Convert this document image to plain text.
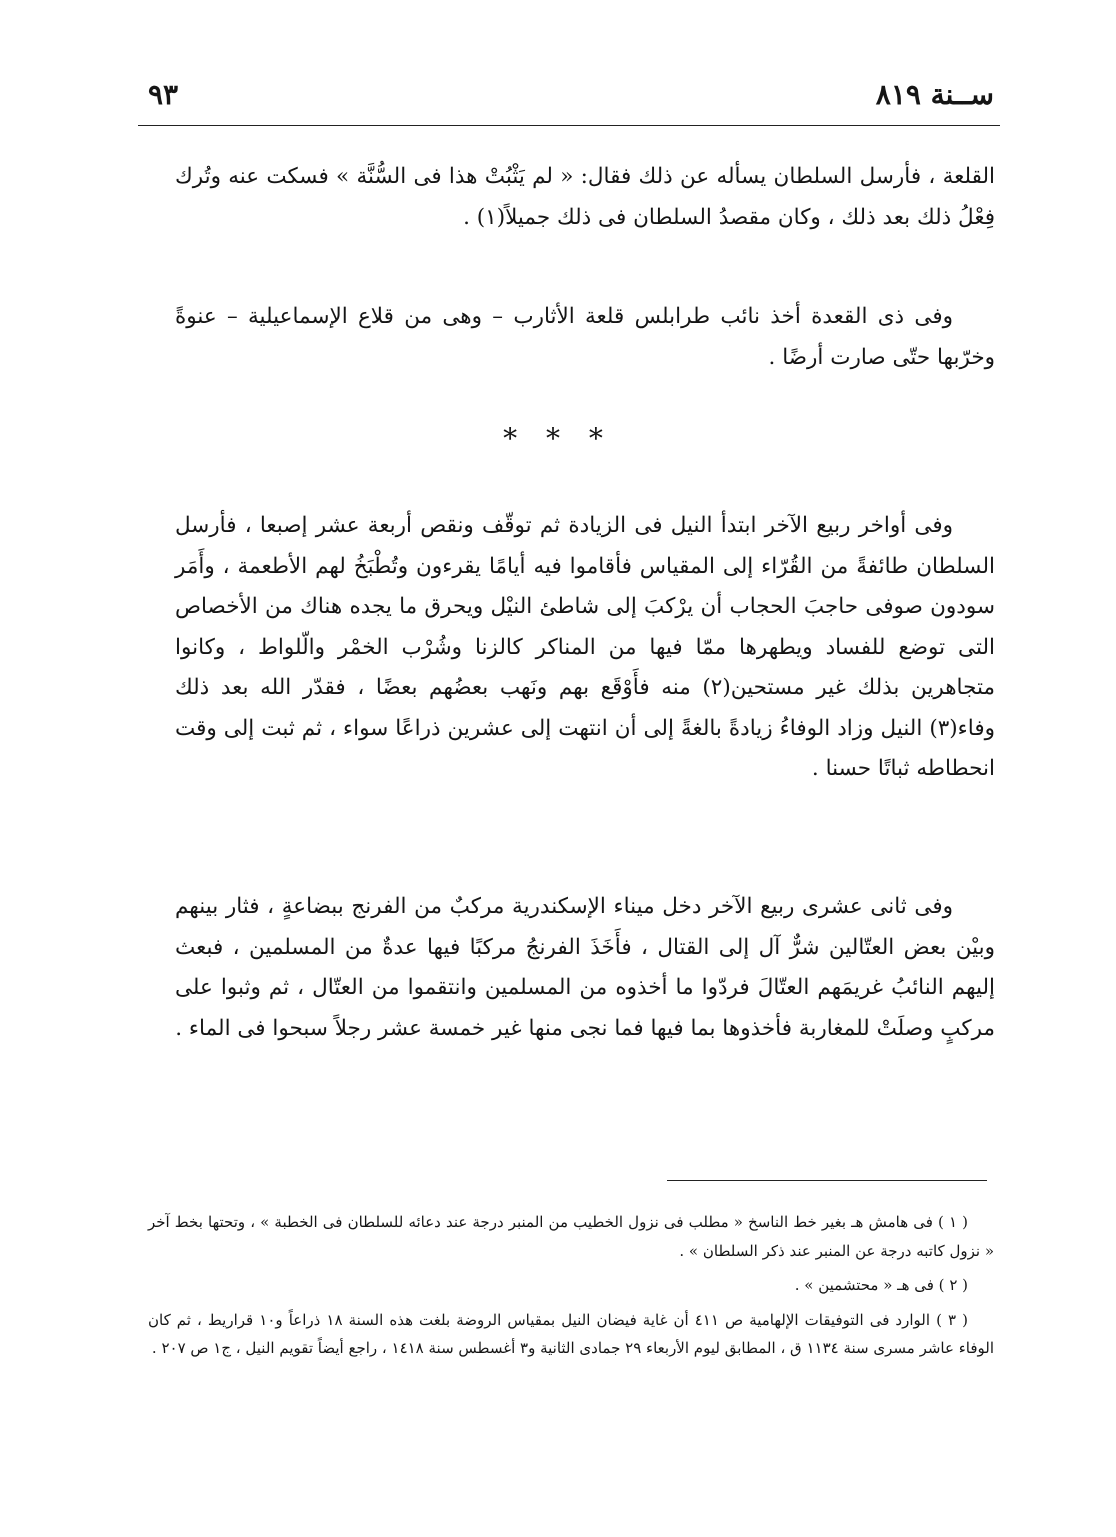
٩٣	ســنة ٨١٩
القلعة ، فأرسل السلطان يسأله عن ذلك فقال: « لم يَثْبُتْ هذا فى السُّنَّة » فسكت عنه وتُرك فِعْلُ ذلك بعد ذلك ، وكان مقصدُ السلطان فى ذلك جميلاً(١) .
وفى ذى القعدة أخذ نائب طرابلس قلعة الأثارب – وهى من قلاع الإسماعيلية – عنوةً وخرّبها حتّى صارت أرضًا .
* * *
وفى أواخر ربيع الآخر ابتدأ النيل فى الزيادة ثم توقّف ونقص أربعة عشر إصبعا ، فأرسل السلطان طائفةً من القُرّاء إلى المقياس فأقاموا فيه أيامًا يقرءون وتُطْبَخُ لهم الأطعمة ، وأَمَر سودون صوفى حاجبَ الحجاب أن يرْكبَ إلى شاطئ النيْل ويحرق ما يجده هناك من الأخصاص التى توضع للفساد ويطهرها ممّا فيها من المناكر كالزنا وشُرْب الخمْر والّلواط ، وكانوا متجاهرين بذلك غير مستحين(٢) منه فأَوْقَع بهم ونَهب بعضُهم بعضًا ، فقدّر الله بعد ذلك وفاء(٣) النيل وزاد الوفاءُ زيادةً بالغةً إلى أن انتهت إلى عشرين ذراعًا سواء ، ثم ثبت إلى وقت انحطاطه ثباتًا حسنا .
وفى ثانى عشرى ربيع الآخر دخل ميناء الإسكندرية مركبٌ من الفرنج ببضاعةٍ ، فثار بينهم وبيْن بعض العتّالين شرٌّ آل إلى القتال ، فأَخَذَ الفرنجُ مركبًا فيها عدةٌ من المسلمين ، فبعث إليهم النائبُ غريمَهم العتّالَ فردّوا ما أخذوه من المسلمين وانتقموا من العتّال ، ثم وثبوا على مركبٍ وصلَتْ للمغاربة فأخذوها بما فيها فما نجى منها غير خمسة عشر رجلاً سبحوا فى الماء .

( ١ ) فى هامش هـ بغير خط الناسخ « مطلب فى نزول الخطيب من المنبر درجة عند دعائه للسلطان فى الخطبة » ، وتحتها بخط آخر « نزول كاتبه درجة عن المنبر عند ذكر السلطان » .

( ٢ ) فى هـ « محتشمين » .

( ٣ ) الوارد فى التوفيقات الإلهامية ص ٤١١ أن غاية فيضان النيل بمقياس الروضة بلغت هذه السنة ١٨ ذراعاً و١٠ قراريط ، ثم كان الوفاء عاشر مسرى سنة ١١٣٤ ق ، المطابق ليوم الأربعاء ٢٩ جمادى الثانية و٣ أغسطس سنة ١٤١٨ ، راجع أيضاً تقويم النيل ، ج١ ص ٢٠٧ .
